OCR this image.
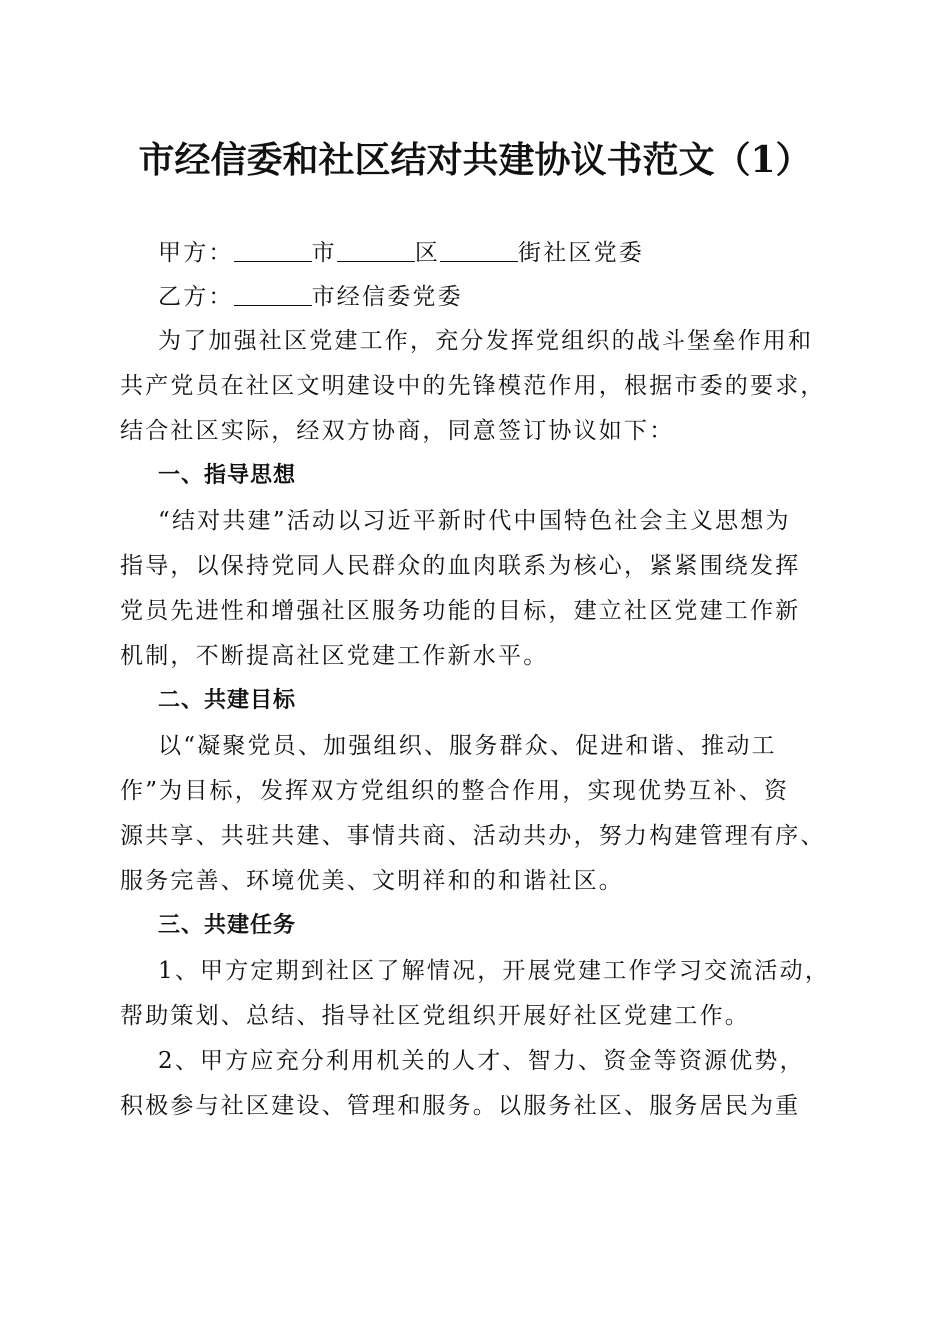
市经信委和社区结对共建协议书范文（1）
甲方：	市	区	街社区党委
乙方：	市经信委党委
为了加强社区党建工作，充分发挥党组织的战斗堡垒作用和
共产党员在社区文明建设中的先锋模范作用，根据市委的要求，
结合社区实际，经双方协商，同意签订协议如下：
一、指导思想
“结对共建”活动以习近平新时代中国特色社会主义思想为
指导，以保持党同人民群众的血肉联系为核心，紧紧围绕发挥
党员先进性和增强社区服务功能的目标，建立社区党建工作新
机制，不断提高社区党建工作新水平。
二、共建目标
以“凝聚党员、加强组织、服务群众、促进和谐、推动工
作”为目标，发挥双方党组织的整合作用，实现优势互补、资
源共享、共驻共建、事情共商、活动共办，努力构建管理有序、
服务完善、环境优美、文明祥和的和谐社区。
三、共建任务
1、甲方定期到社区了解情况，开展党建工作学习交流活动，
帮助策划、总结、指导社区党组织开展好社区党建工作。
2、甲方应充分利用机关的人才、智力、资金等资源优势，
积极参与社区建设、管理和服务。以服务社区、服务居民为重
